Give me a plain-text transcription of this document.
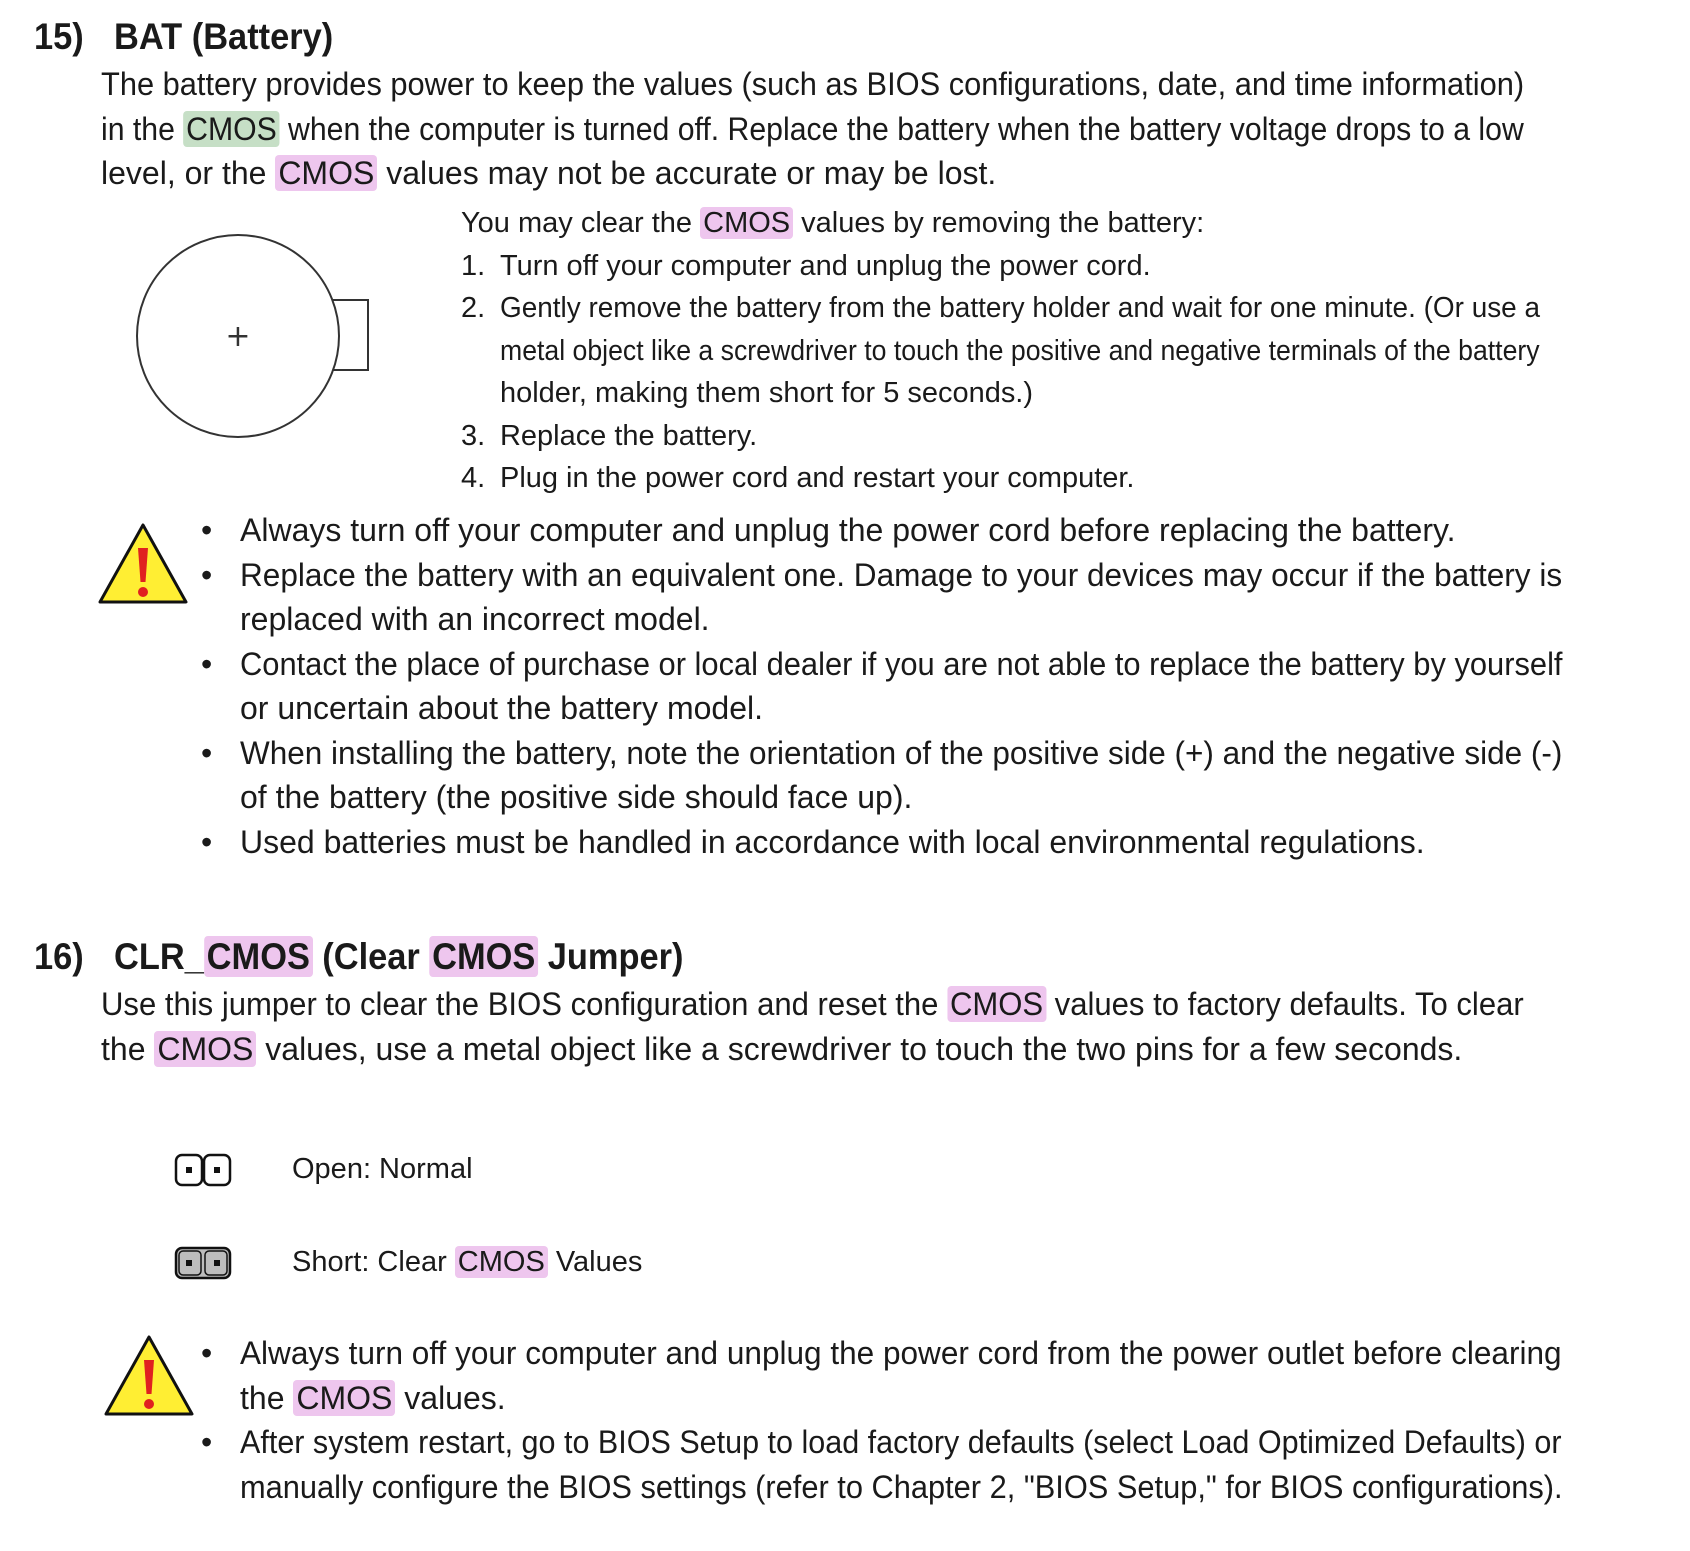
15) BAT (Battery)
The battery provides power to keep the values (such as BIOS configurations, date, and time information)
in the CMOS when the computer is turned off. Replace the battery when the battery voltage drops to a low
level, or the CMOS values may not be accurate or may be lost.
+
You may clear the CMOS values by removing the battery:
1. Turn off your computer and unplug the power cord.
2. Gently remove the battery from the battery holder and wait for one minute. (Or use a
metal object like a screwdriver to touch the positive and negative terminals of the battery
holder, making them short for 5 seconds.)
3. Replace the battery.
4. Plug in the power cord and restart your computer.
• Always turn off your computer and unplug the power cord before replacing the battery.
• Replace the battery with an equivalent one. Damage to your devices may occur if the battery is
replaced with an incorrect model.
• Contact the place of purchase or local dealer if you are not able to replace the battery by yourself
or uncertain about the battery model.
• When installing the battery, note the orientation of the positive side (+) and the negative side (-)
of the battery (the positive side should face up).
• Used batteries must be handled in accordance with local environmental regulations.
16) CLR_CMOS (Clear CMOS Jumper)
Use this jumper to clear the BIOS configuration and reset the CMOS values to factory defaults. To clear
the CMOS values, use a metal object like a screwdriver to touch the two pins for a few seconds.
Open: Normal
Short: Clear CMOS Values
• Always turn off your computer and unplug the power cord from the power outlet before clearing
the CMOS values.
• After system restart, go to BIOS Setup to load factory defaults (select Load Optimized Defaults) or
manually configure the BIOS settings (refer to Chapter 2, "BIOS Setup," for BIOS configurations).
